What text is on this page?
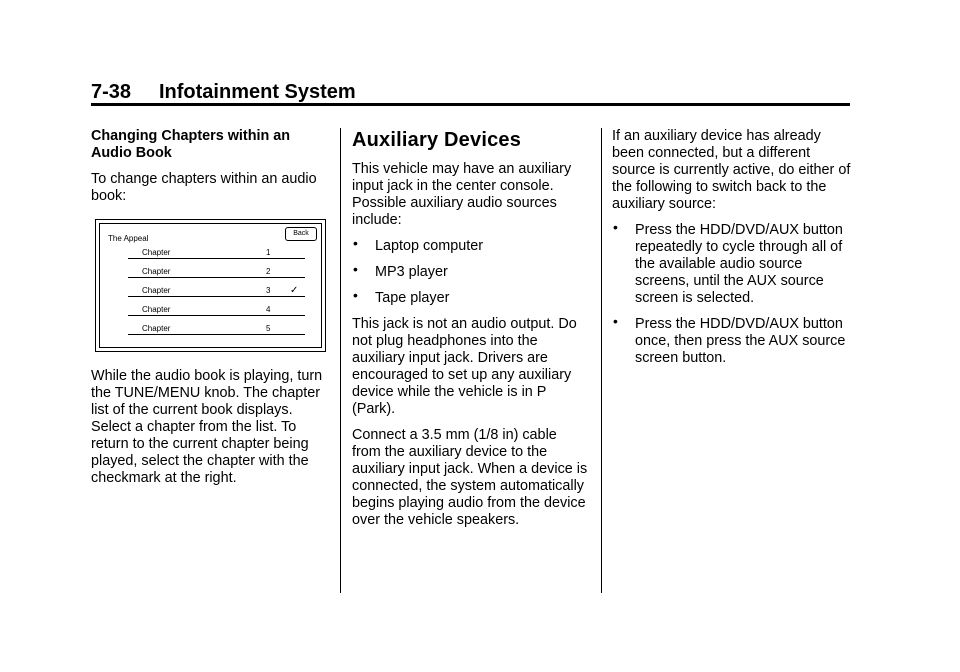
7-38 Infotainment System

Changing Chapters within an Audio Book

To change chapters within an audio book:

The Appeal
Back
Chapter	1
Chapter	2
Chapter	3 ✓
Chapter	4
Chapter	5

While the audio book is playing, turn the TUNE/MENU knob. The chapter list of the current book displays. Select a chapter from the list. To return to the current chapter being played, select the chapter with the checkmark at the right.

Auxiliary Devices

This vehicle may have an auxiliary input jack in the center console. Possible auxiliary audio sources include:

• Laptop computer
• MP3 player
• Tape player

This jack is not an audio output. Do not plug headphones into the auxiliary input jack. Drivers are encouraged to set up any auxiliary device while the vehicle is in P (Park).

Connect a 3.5 mm (1/8 in) cable from the auxiliary device to the auxiliary input jack. When a device is connected, the system automatically begins playing audio from the device over the vehicle speakers.

If an auxiliary device has already been connected, but a different source is currently active, do either of the following to switch back to the auxiliary source:

• Press the HDD/DVD/AUX button repeatedly to cycle through all of the available audio source screens, until the AUX source screen is selected.
• Press the HDD/DVD/AUX button once, then press the AUX source screen button.
